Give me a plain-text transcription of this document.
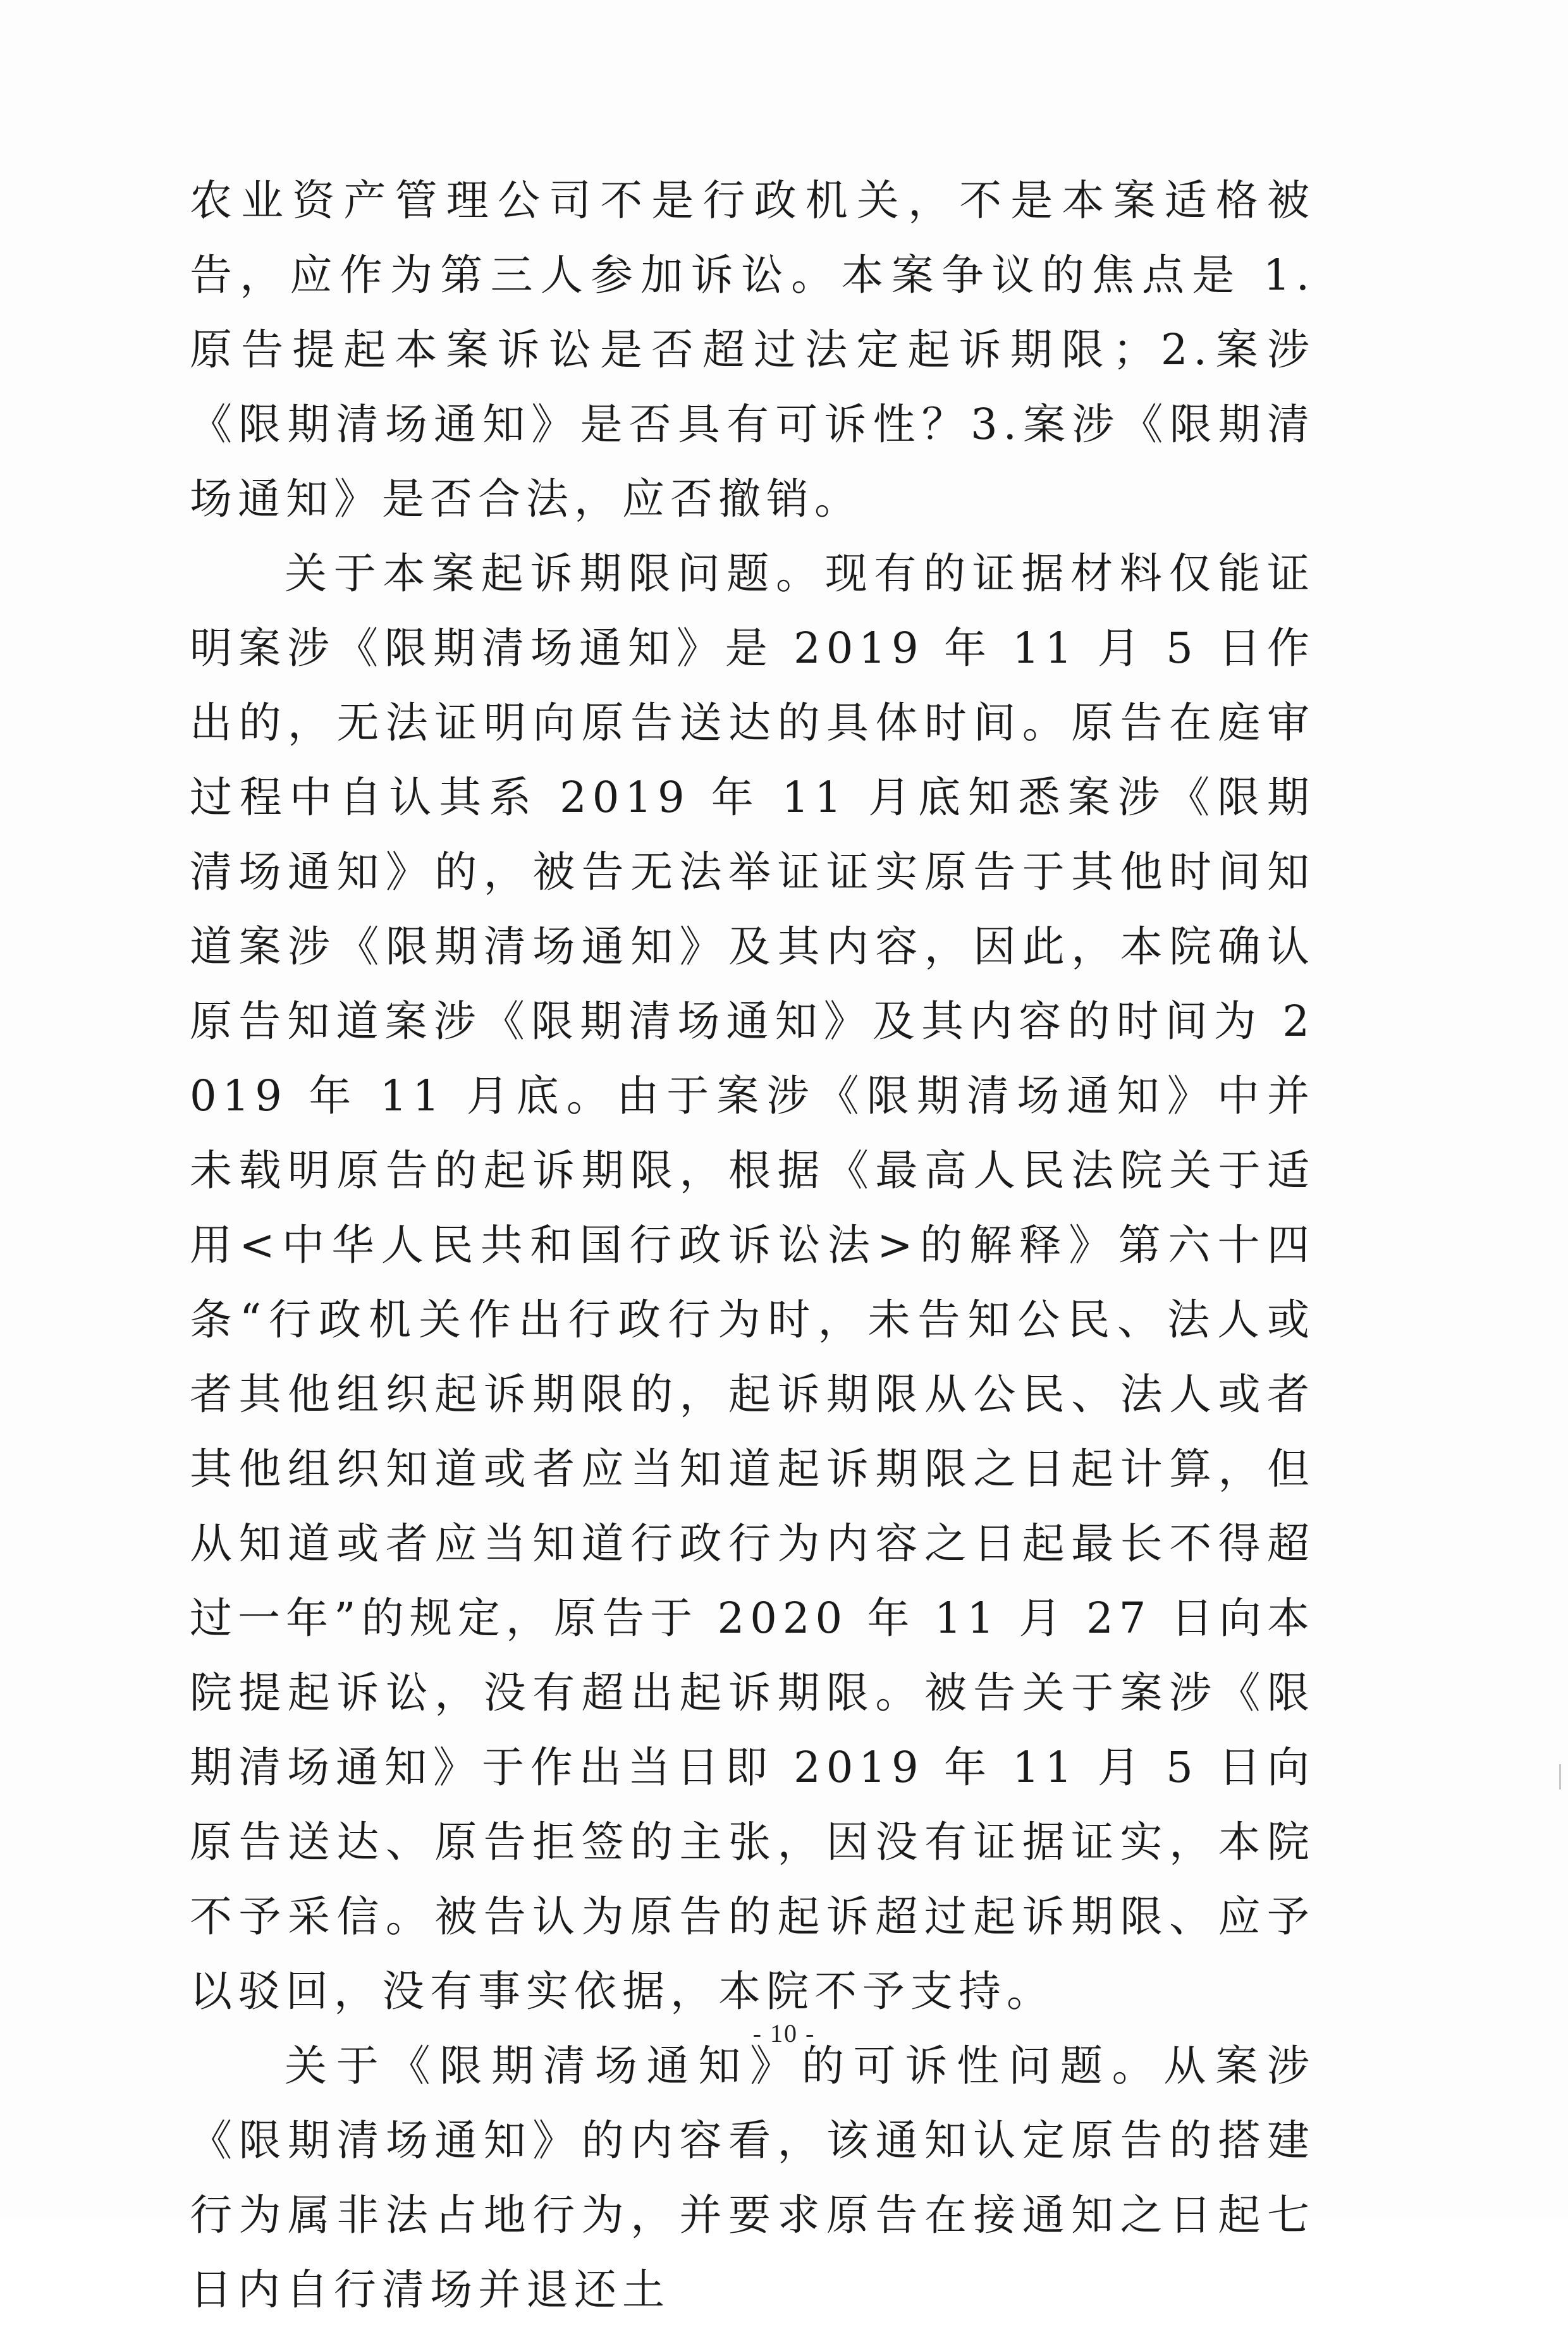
农业资产管理公司不是行政机关，不是本案适格被告，应作为第三人参加诉讼。本案争议的焦点是 1.原告提起本案诉讼是否超过法定起诉期限；2.案涉《限期清场通知》是否具有可诉性？3.案涉《限期清场通知》是否合法，应否撤销。

关于本案起诉期限问题。现有的证据材料仅能证明案涉《限期清场通知》是 2019 年 11 月 5 日作出的，无法证明向原告送达的具体时间。原告在庭审过程中自认其系 2019 年 11 月底知悉案涉《限期清场通知》的，被告无法举证证实原告于其他时间知道案涉《限期清场通知》及其内容，因此，本院确认原告知道案涉《限期清场通知》及其内容的时间为 2019 年 11 月底。由于案涉《限期清场通知》中并未载明原告的起诉期限，根据《最高人民法院关于适用<中华人民共和国行政诉讼法>的解释》第六十四条“行政机关作出行政行为时，未告知公民、法人或者其他组织起诉期限的，起诉期限从公民、法人或者其他组织知道或者应当知道起诉期限之日起计算，但从知道或者应当知道行政行为内容之日起最长不得超过一年”的规定，原告于 2020 年 11 月 27 日向本院提起诉讼，没有超出起诉期限。被告关于案涉《限期清场通知》于作出当日即 2019 年 11 月 5 日向原告送达、原告拒签的主张，因没有证据证实，本院不予采信。被告认为原告的起诉超过起诉期限、应予以驳回，没有事实依据，本院不予支持。

关于《限期清场通知》的可诉性问题。从案涉《限期清场通知》的内容看，该通知认定原告的搭建行为属非法占地行为，并要求原告在接通知之日起七日内自行清场并退还土

- 10 -
